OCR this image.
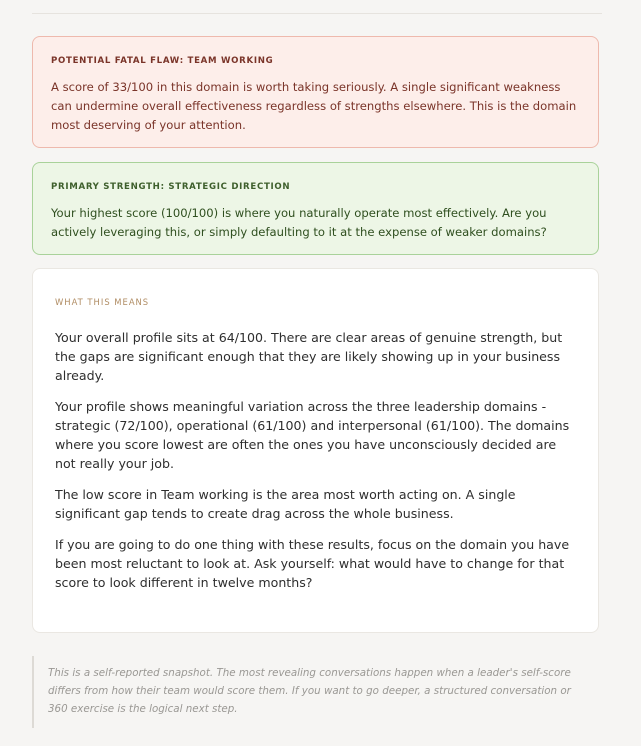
POTENTIAL FATAL FLAW: TEAM WORKING
A score of 33/100 in this domain is worth taking seriously. A single significant weakness can undermine overall effectiveness regardless of strengths elsewhere. This is the domain most deserving of your attention.
PRIMARY STRENGTH: STRATEGIC DIRECTION
Your highest score (100/100) is where you naturally operate most effectively. Are you actively leveraging this, or simply defaulting to it at the expense of weaker domains?
WHAT THIS MEANS

Your overall profile sits at 64/100. There are clear areas of genuine strength, but the gaps are significant enough that they are likely showing up in your business already.

Your profile shows meaningful variation across the three leadership domains - strategic (72/100), operational (61/100) and interpersonal (61/100). The domains where you score lowest are often the ones you have unconsciously decided are not really your job.

The low score in Team working is the area most worth acting on. A single significant gap tends to create drag across the whole business.

If you are going to do one thing with these results, focus on the domain you have been most reluctant to look at. Ask yourself: what would have to change for that score to look different in twelve months?

This is a self-reported snapshot. The most revealing conversations happen when a leader's self-score differs from how their team would score them. If you want to go deeper, a structured conversation or 360 exercise is the logical next step.
